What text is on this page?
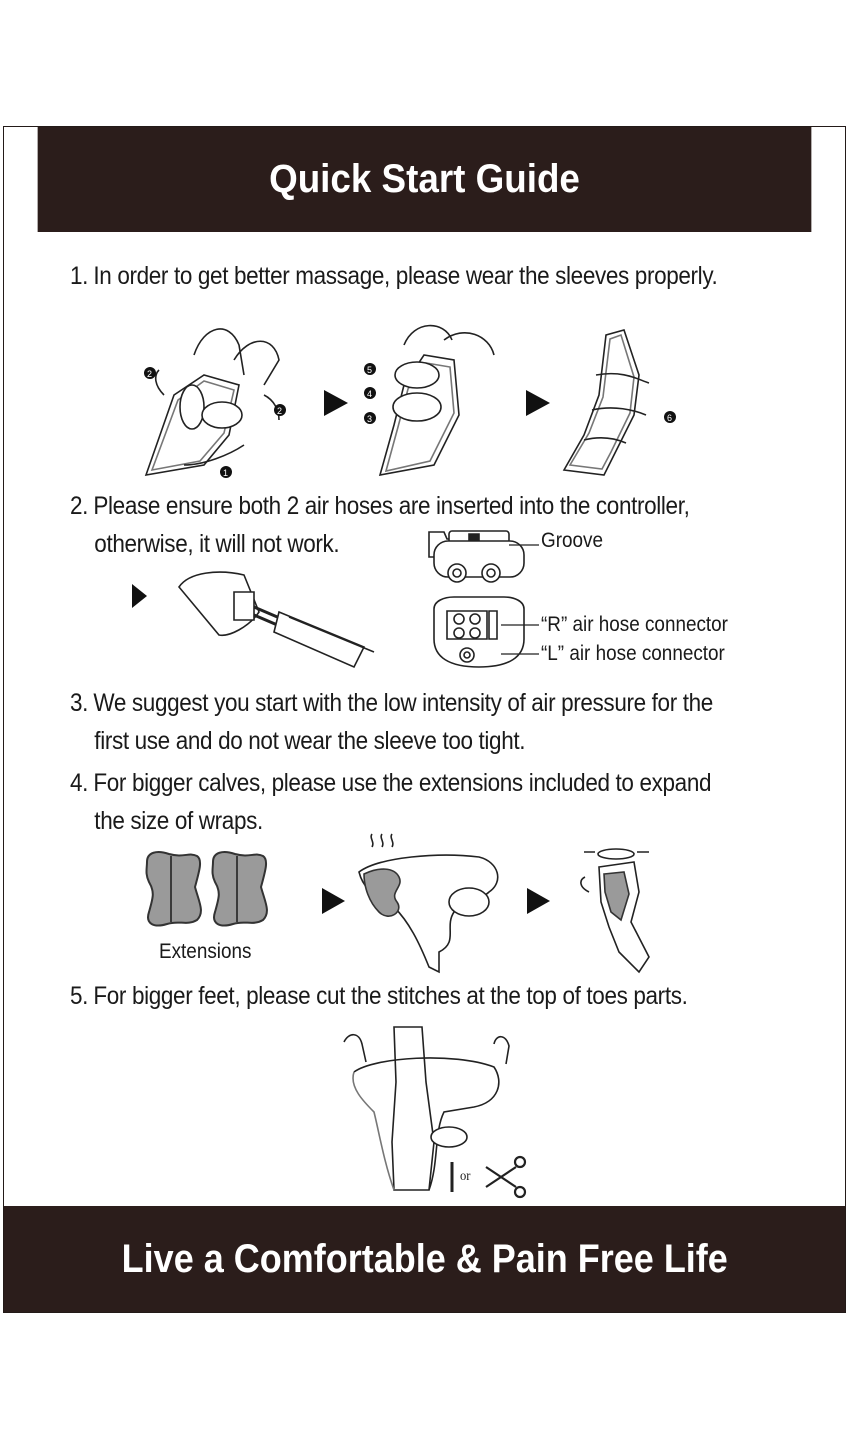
Quick Start Guide
1. In order to get better massage, please wear the sleeves properly.
2
2
1
5
4
3	6
2. Please ensure both 2 air hoses are inserted into the controller,
otherwise, it will not work.	Groove
“R” air hose connector
“L” air hose connector
3. We suggest you start with the low intensity of air pressure for the
first use and do not wear the sleeve too tight.
4. For bigger calves, please use the extensions included to expand
the size of wraps.
Extensions
5. For bigger feet, please cut the stitches at the top of toes parts.
or
Live a Comfortable & Pain Free Life
